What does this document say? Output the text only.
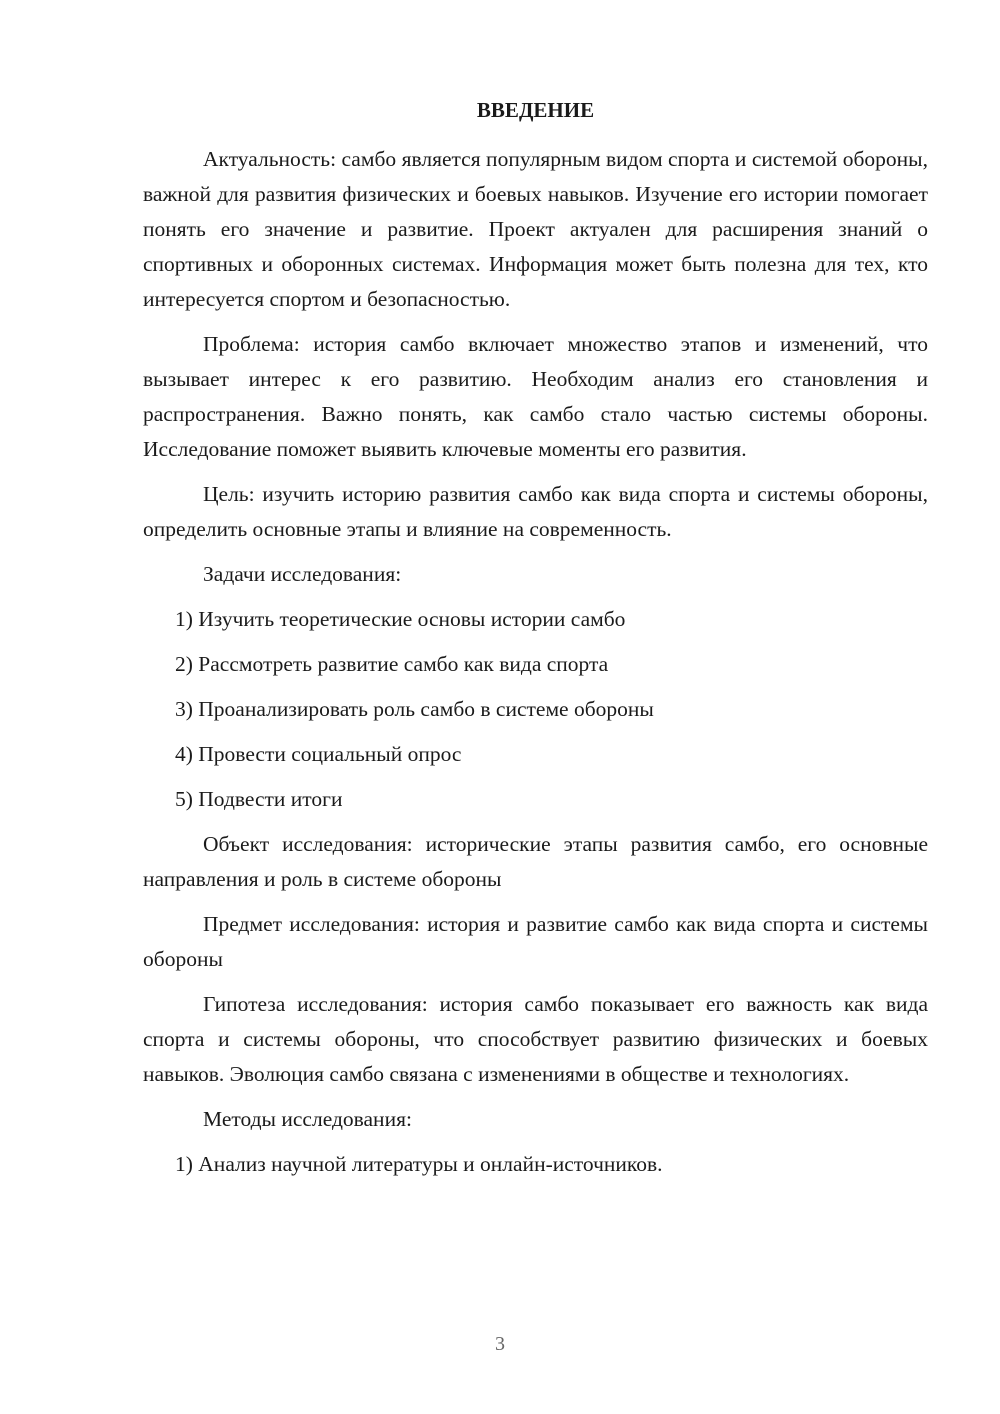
ВВЕДЕНИЕ

Актуальность: самбо является популярным видом спорта и системой обороны, важной для развития физических и боевых навыков. Изучение его истории помогает понять его значение и развитие. Проект актуален для расширения знаний о спортивных и оборонных системах. Информация может быть полезна для тех, кто интересуется спортом и безопасностью.

Проблема: история самбо включает множество этапов и изменений, что вызывает интерес к его развитию. Необходим анализ его становления и распространения. Важно понять, как самбо стало частью системы обороны. Исследование поможет выявить ключевые моменты его развития.

Цель: изучить историю развития самбо как вида спорта и системы обороны, определить основные этапы и влияние на современность.

Задачи исследования:

1) Изучить теоретические основы истории самбо
2) Рассмотреть развитие самбо как вида спорта
3) Проанализировать роль самбо в системе обороны
4) Провести социальный опрос
5) Подвести итоги

Объект исследования: исторические этапы развития самбо, его основные направления и роль в системе обороны

Предмет исследования: история и развитие самбо как вида спорта и системы обороны

Гипотеза исследования: история самбо показывает его важность как вида спорта и системы обороны, что способствует развитию физических и боевых навыков. Эволюция самбо связана с изменениями в обществе и технологиях.

Методы исследования:

1) Анализ научной литературы и онлайн-источников.
3
